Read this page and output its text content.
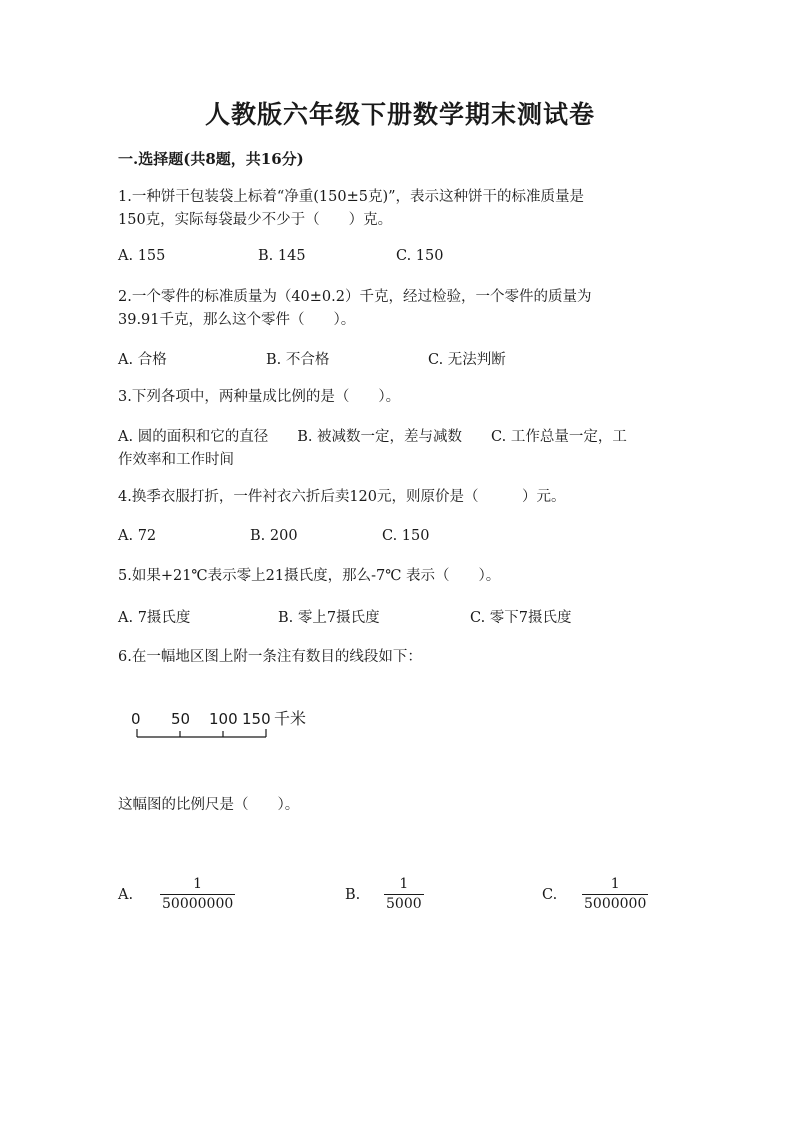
人教版六年级下册数学期末测试卷
一.选择题(共8题，共16分)
1.一种饼干包装袋上标着“净重(150±5克)”，表示这种饼干的标准质量是
150克，实际每袋最少不少于（　　）克。
A. 155	B. 145	C. 150
2.一个零件的标准质量为（40±0.2）千克，经过检验，一个零件的质量为
39.91千克，那么这个零件（　　）。
A. 合格	B. 不合格	C. 无法判断
3.下列各项中，两种量成比例的是（　　）。
A. 圆的面积和它的直径　　B. 被减数一定，差与减数　　C. 工作总量一定，工
作效率和工作时间
4.换季衣服打折，一件衬衣六折后卖120元，则原价是（　　　）元。
A. 72	B. 200	C. 150
5.如果+21℃表示零上21摄氏度，那么-7℃ 表示（　　）。
A. 7摄氏度	B. 零上7摄氏度	C. 零下7摄氏度
6.在一幅地区图上附一条注有数目的线段如下：
0 50 100 150 千米
这幅图的比例尺是（　　）。
A.
1
50000000
B.
1
5000
C.
1
5000000
